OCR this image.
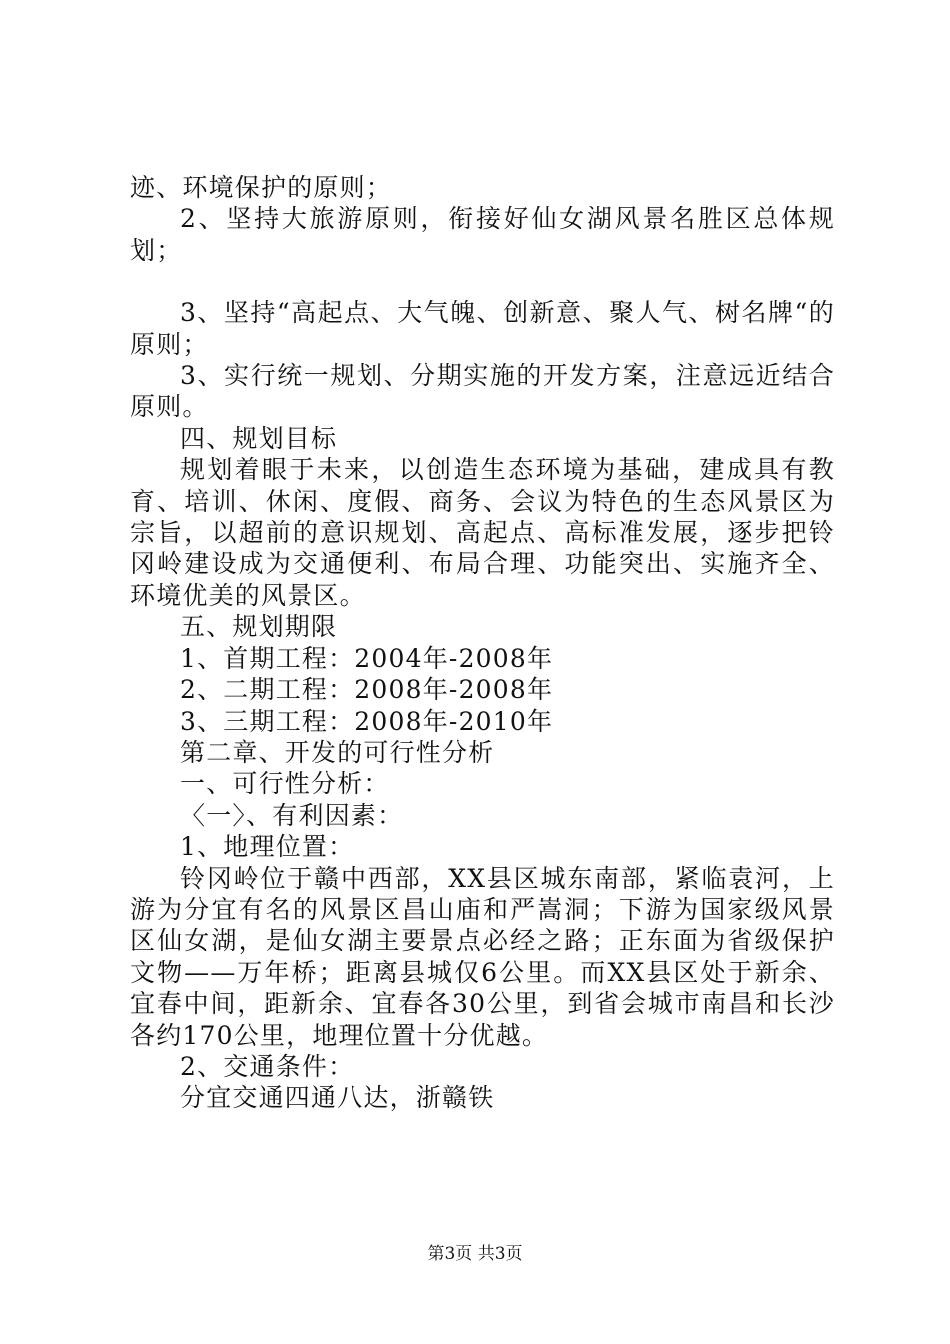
迹、环境保护的原则；

2、坚持大旅游原则，衔接好仙女湖风景名胜区总体规划；

3、坚持“高起点、大气魄、创新意、聚人气、树名牌“的原则；

3、实行统一规划、分期实施的开发方案，注意远近结合原则。

四、规划目标

规划着眼于未来，以创造生态环境为基础，建成具有教育、培训、休闲、度假、商务、会议为特色的生态风景区为宗旨，以超前的意识规划、高起点、高标准发展，逐步把铃冈岭建设成为交通便利、布局合理、功能突出、实施齐全、环境优美的风景区。

五、规划期限

1、首期工程：2004年-2008年

2、二期工程：2008年-2008年

3、三期工程：2008年-2010年

第二章、开发的可行性分析

一、可行性分析：

〈一〉、有利因素：

1、地理位置：

铃冈岭位于赣中西部，XX县区城东南部，紧临袁河，上游为分宜有名的风景区昌山庙和严嵩洞；下游为国家级风景区仙女湖，是仙女湖主要景点必经之路；正东面为省级保护文物——万年桥；距离县城仅6公里。而XX县区处于新余、宜春中间，距新余、宜春各30公里，到省会城市南昌和长沙各约170公里，地理位置十分优越。

2、交通条件：

分宜交通四通八达，浙赣铁

第3页 共3页
